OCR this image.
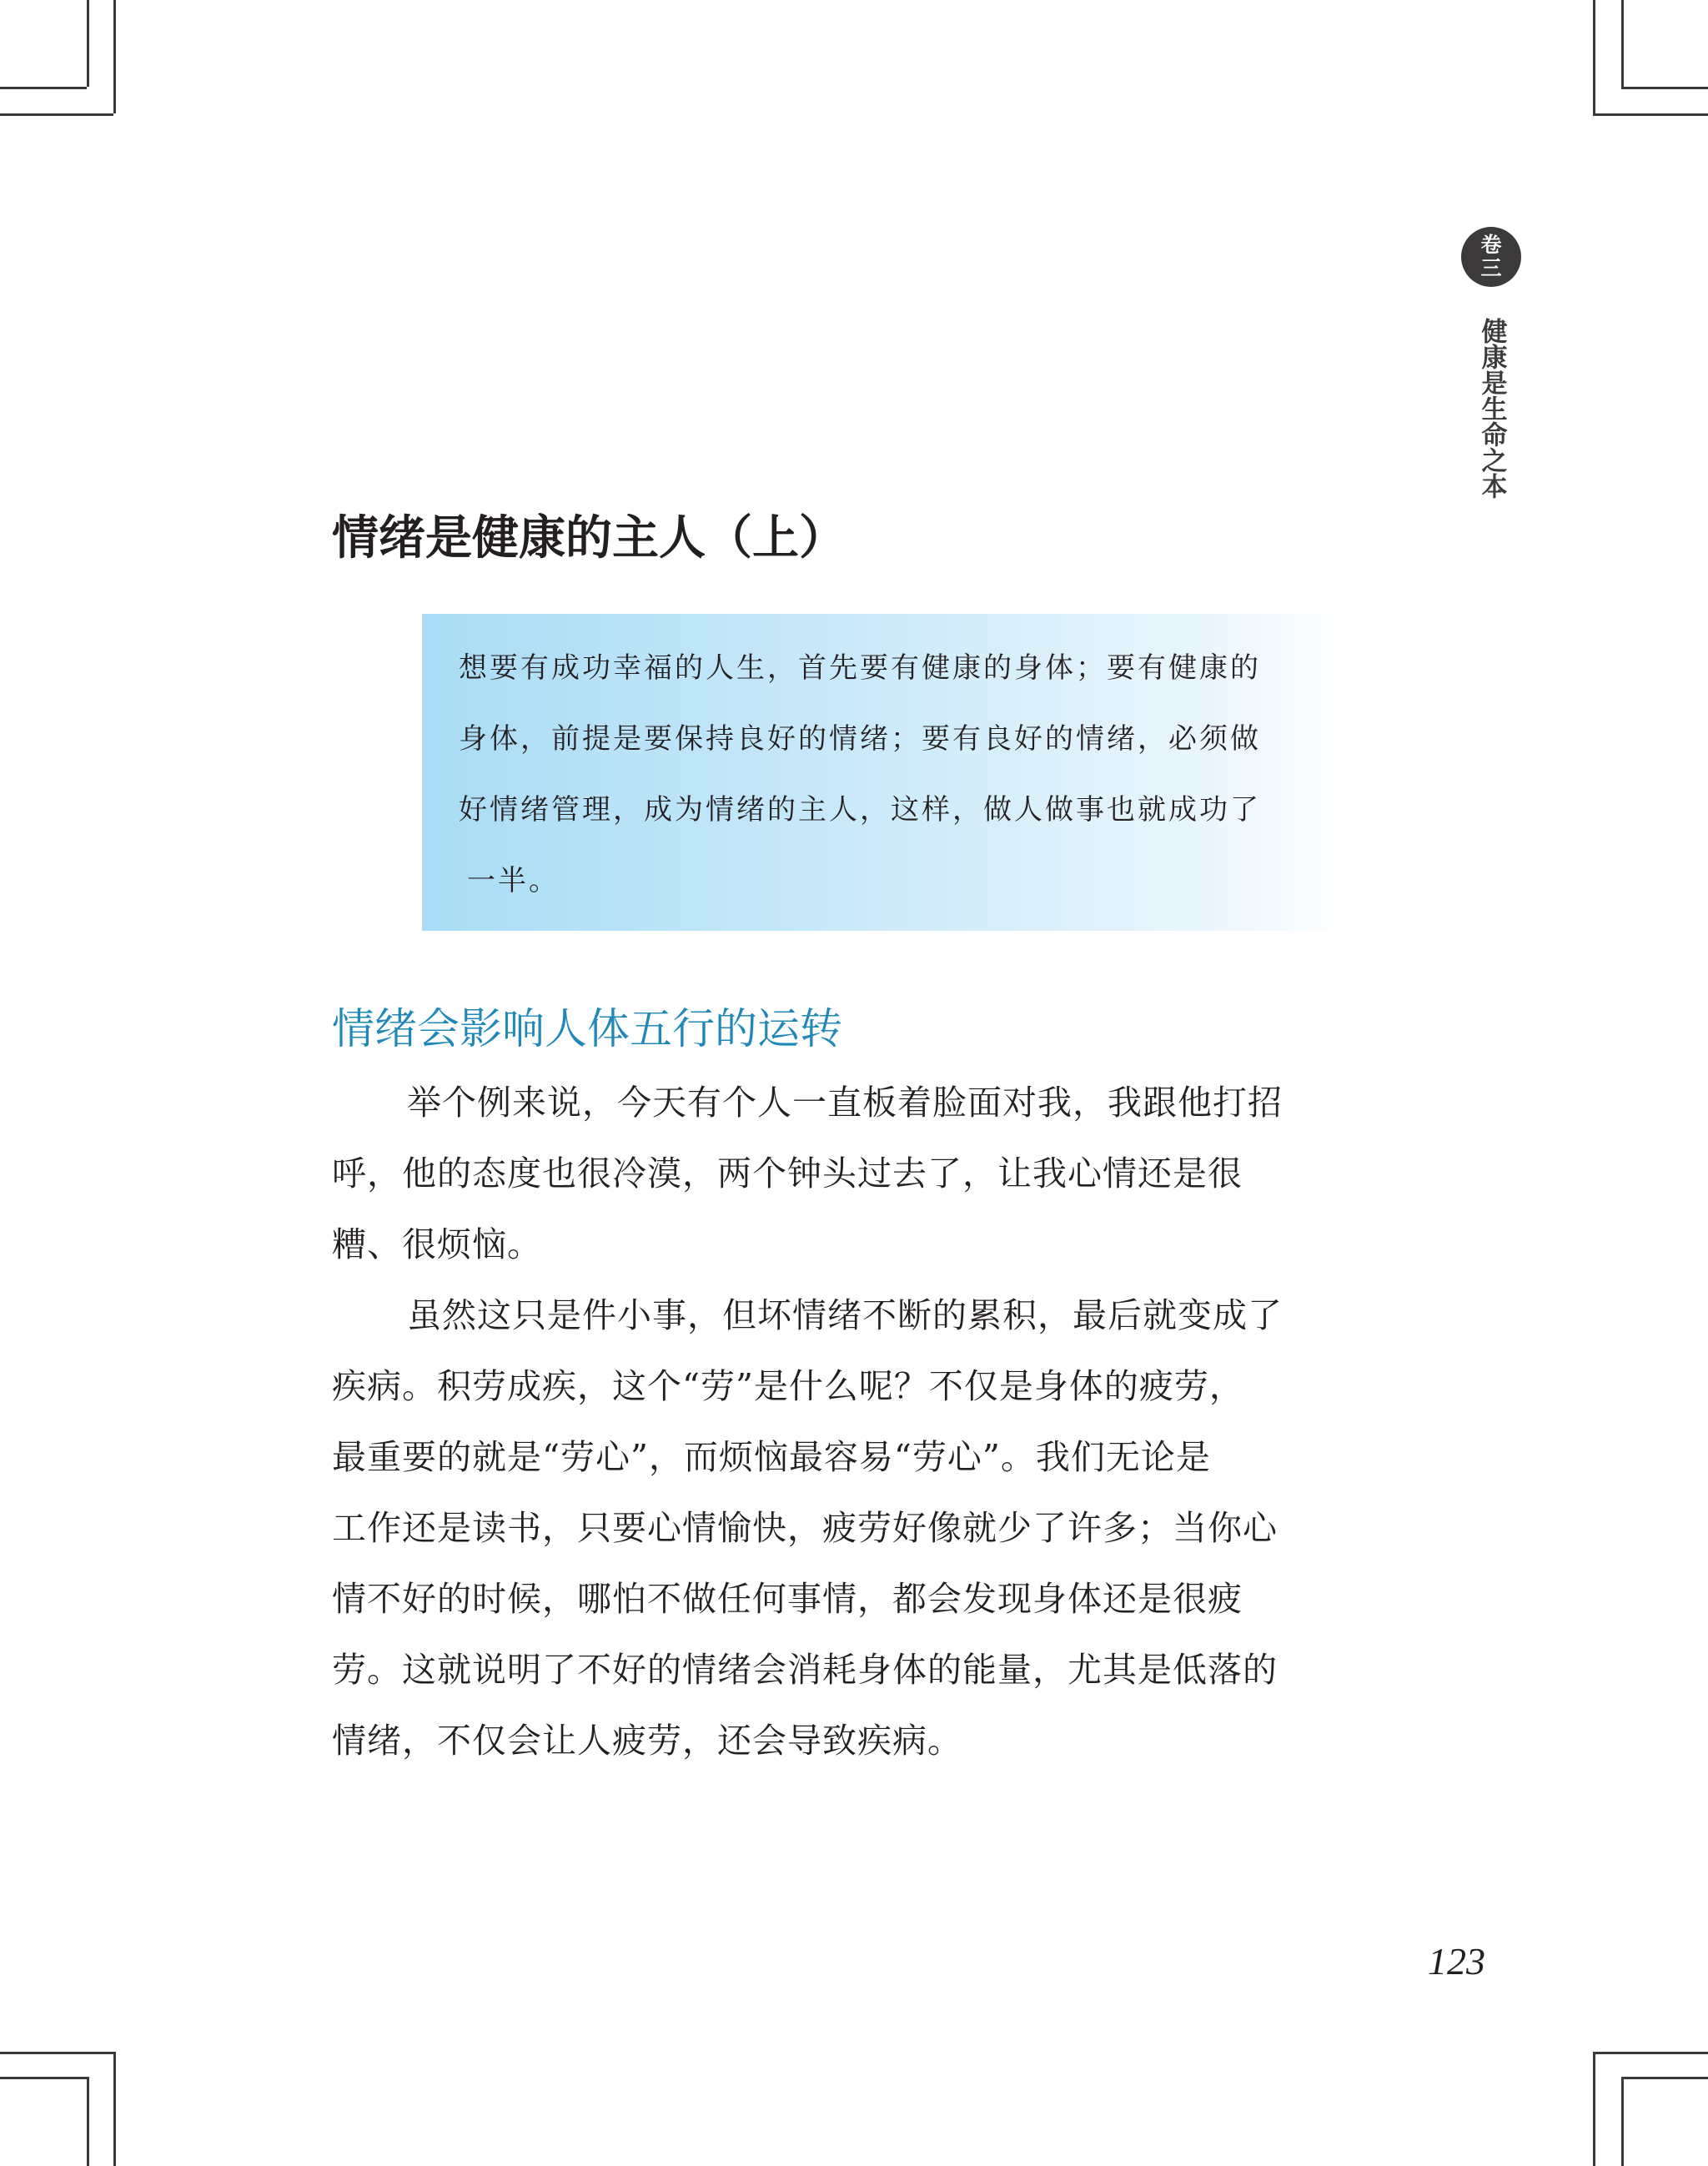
卷
三
健康是生命之本
情绪是健康的主人（上）
想要有成功幸福的人生，首先要有健康的身体；要有健康的
身体，前提是要保持良好的情绪；要有良好的情绪，必须做
好情绪管理，成为情绪的主人，这样，做人做事也就成功了
一半。
情绪会影响人体五行的运转
举个例来说，今天有个人一直板着脸面对我，我跟他打招
呼，他的态度也很冷漠，两个钟头过去了，让我心情还是很
糟、很烦恼。
虽然这只是件小事，但坏情绪不断的累积，最后就变成了
疾病。积劳成疾，这个“劳”是什么呢？不仅是身体的疲劳，
最重要的就是“劳心”，而烦恼最容易“劳心”。我们无论是
工作还是读书，只要心情愉快，疲劳好像就少了许多；当你心
情不好的时候，哪怕不做任何事情，都会发现身体还是很疲
劳。这就说明了不好的情绪会消耗身体的能量，尤其是低落的
情绪，不仅会让人疲劳，还会导致疾病。
123
